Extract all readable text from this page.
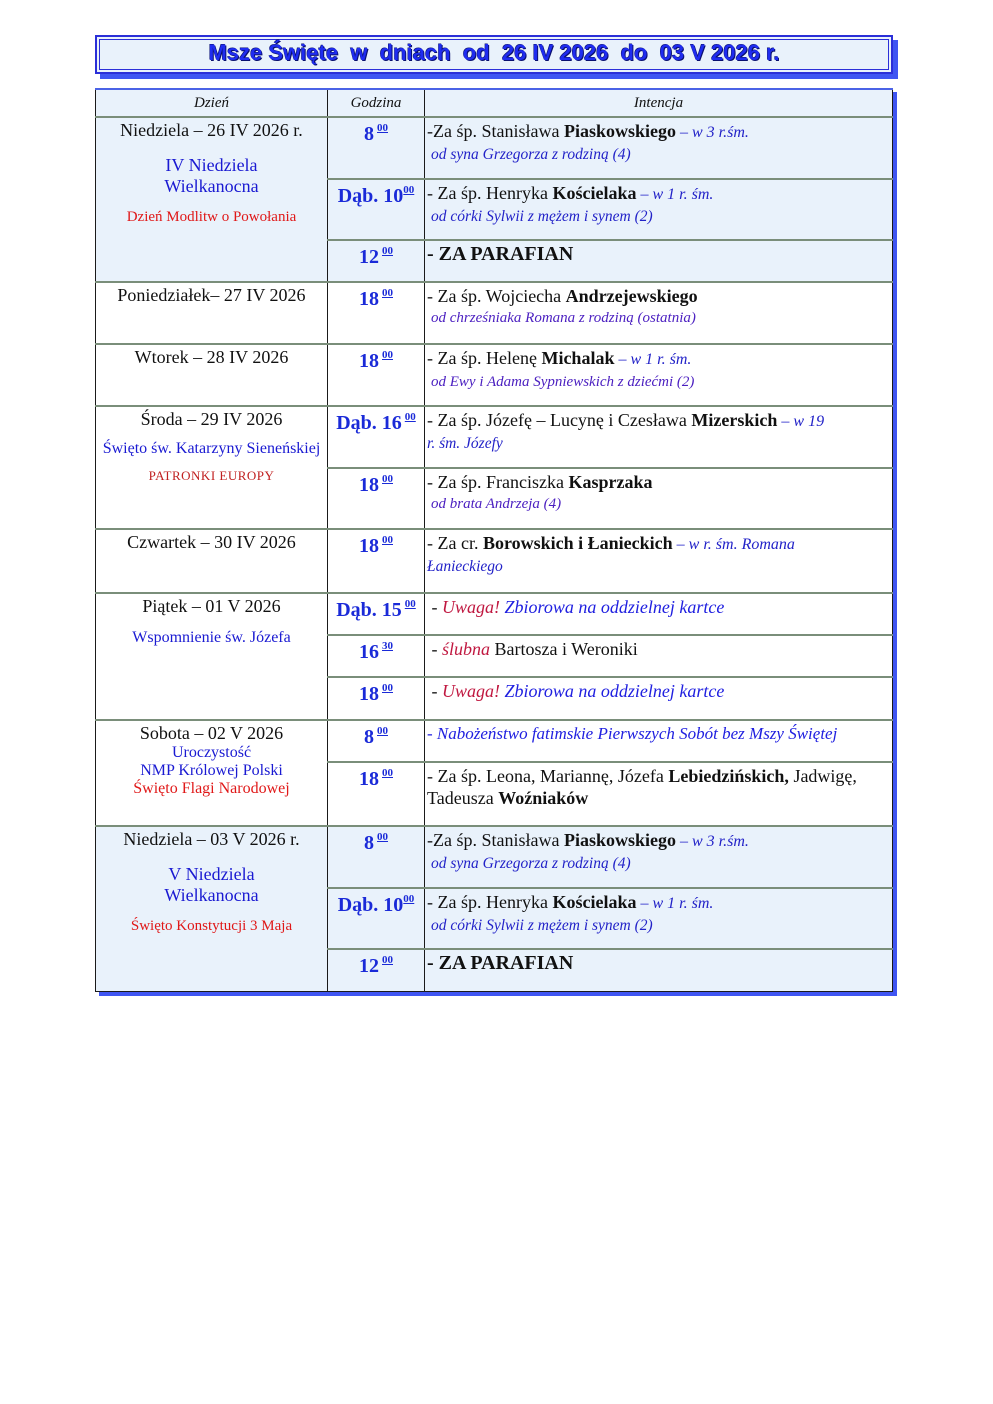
Msze Święte  w  dniach  od  26 IV 2026  do  03 V 2026 r.
Dzień	Godzina	Intencja

Niedziela – 26 IV 2026 r.
IV Niedziela
Wielkanocna
Dzień Modlitw o Powołania	8 $^{00}$	-Za śp. Stanisława Piaskowskiego – w 3 r.śm.
od syna Grzegorza z rodziną (4)

	Dąb. $10^{00}$	- Za śp. Henryka Kościelaka – w 1 r. śm.
od córki Sylwii z mężem i synem (2)

	12 $^{00}$	- ZA PARAFIAN

Poniedziałek– 27 IV 2026	18 $^{00}$	- Za śp. Wojciecha Andrzejewskiego
od chrześniaka Romana z rodziną (ostatnia)

Wtorek – 28 IV 2026	18 $^{00}$	- Za śp. Helenę Michalak – w 1 r. śm.
od Ewy i Adama Sypniewskich z dziećmi (2)

Środa – 29 IV 2026
Święto św. Katarzyny Sieneńskiej
PATRONKI EUROPY	Dąb. 16 $^{00}$	- Za śp. Józefę – Lucynę i Czesława Mizerskich – w 19
r. śm. Józefy

	18 $^{00}$	- Za śp. Franciszka Kasprzaka
od brata Andrzeja (4)

Czwartek – 30 IV 2026	18 $^{00}$	- Za cr. Borowskich i Łanieckich – w r. śm. Romana
Łanieckiego

Piątek – 01 V 2026
Wspomnienie św. Józefa	Dąb. 15 $^{00}$	- Uwaga! Zbiorowa na oddzielnej kartce

	16 $^{30}$	- ślubna Bartosza i Weroniki

	18 $^{00}$	- Uwaga! Zbiorowa na oddzielnej kartce

Sobota – 02 V 2026
Uroczystość
NMP Królowej Polski
Święto Flagi Narodowej	8 $^{00}$	- Nabożeństwo fatimskie Pierwszych Sobót bez Mszy Świętej

	18 $^{00}$	- Za śp. Leona, Mariannę, Józefa Lebiedzińskich, Jadwigę,
Tadeusza Woźniaków

Niedziela – 03 V 2026 r.
V Niedziela
Wielkanocna
Święto Konstytucji 3 Maja	8 $^{00}$	-Za śp. Stanisława Piaskowskiego – w 3 r.śm.
od syna Grzegorza z rodziną (4)

	Dąb. $10^{00}$	- Za śp. Henryka Kościelaka – w 1 r. śm.
od córki Sylwii z mężem i synem (2)

	12 $^{00}$	- ZA PARAFIAN
